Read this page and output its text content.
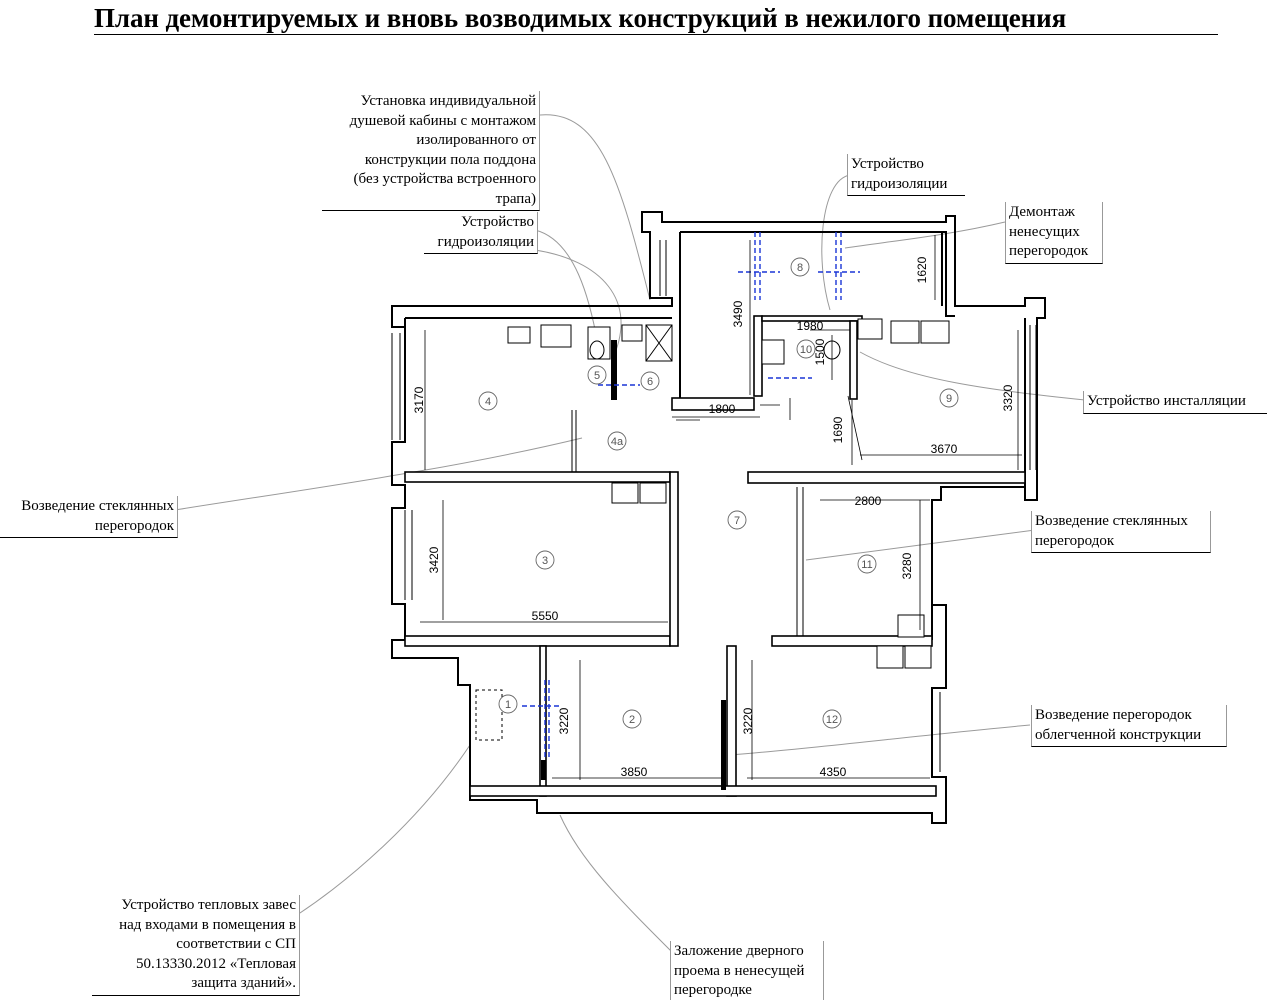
План демонтируемых и вновь возводимых конструкций в нежилого помещения
1
2
3
4
4а
5	6
7
8
9
10
11
12
3170
3420
5550
1800
3490
1620
1980
1500
1690
3320
3670
2800
3280
3220
3850
3220
4350
Установка индивидуальной
душевой кабины с монтажом
изолированного от
конструкции пола поддона
(без устройства встроенного
трапа)
Устройство
гидроизоляции
Устройство
гидроизоляции
Демонтаж
ненесущих
перегородок
Устройство инсталляции
Возведение стеклянных
перегородок	Возведение стеклянных
перегородок
Возведение перегородок
облегченной конструкции
Устройство тепловых завес
над входами в помещения в
соответствии с СП
50.13330.2012 «Тепловая
защита зданий».
Заложение дверного
проема в ненесущей
перегородке
